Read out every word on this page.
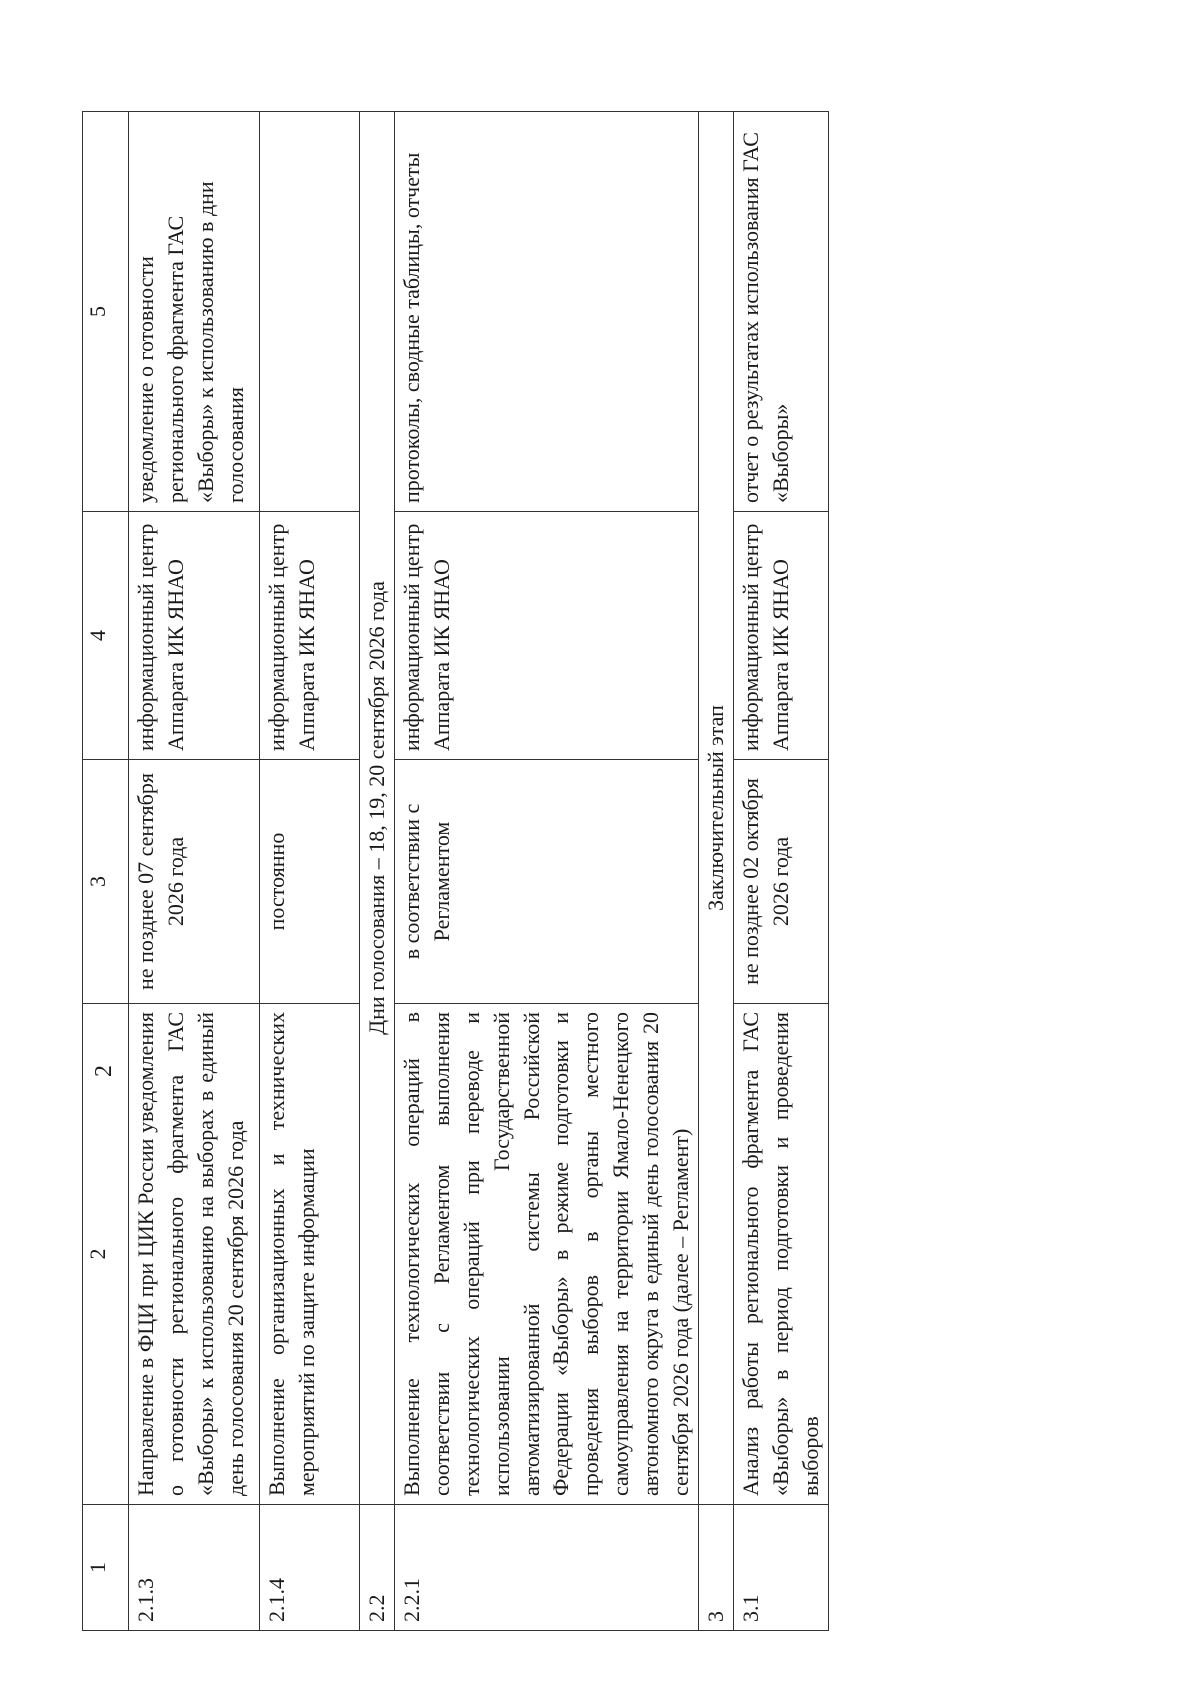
2
1	2	3	4	5
2.1.3	Направление в ФЦИ при ЦИК России уведомления о готовности регионального фрагмента ГАС «Выборы» к использованию на выборах в единый день голосования 20 сентября 2026 года	не позднее 07 сентября 2026 года	информационный центр Аппарата ИК ЯНАО	уведомление о готовности регионального фрагмента ГАС «Выборы» к использованию в дни голосования
2.1.4	Выполнение организационных и технических мероприятий по защите информации	постоянно	информационный центр Аппарата ИК ЯНАО	
2.2	Дни голосования – 18, 19, 20 сентября 2026 года			
2.2.1	Выполнение технологических операций в соответствии с Регламентом выполнения технологических операций при переводе и использовании Государственной автоматизированной системы Российской Федерации «Выборы» в режиме подготовки и проведения выборов в органы местного самоуправления на территории Ямало-Ненецкого автономного округа в единый день голосования 20 сентября 2026 года (далее – Регламент)	в соответствии с Регламентом	информационный центр Аппарата ИК ЯНАО	протоколы, сводные таблицы, отчеты
3	Заключительный этап			
3.1	Анализ работы регионального фрагмента ГАС «Выборы» в период подготовки и проведения выборов	не позднее 02 октября 2026 года	информационный центр Аппарата ИК ЯНАО	отчет о результатах использования ГАС «Выборы»
